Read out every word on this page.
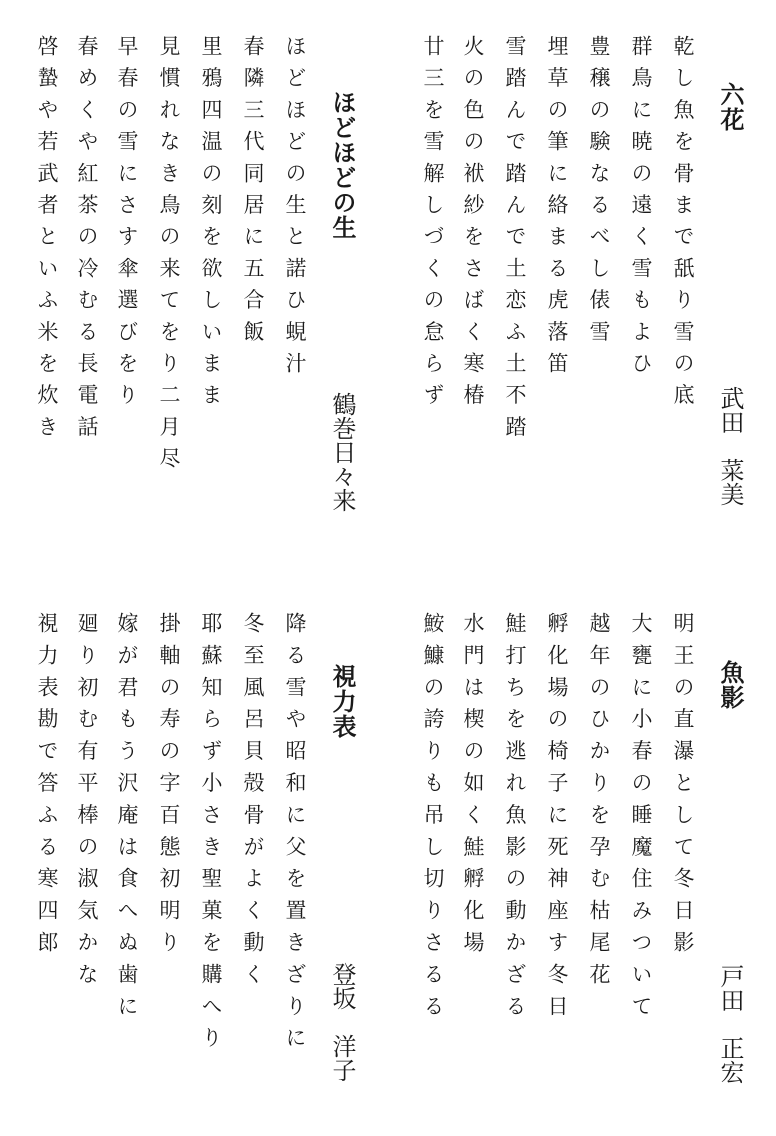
六花
武田　菜美
乾し魚を骨まで舐り雪の底
群鳥に暁の遠く雪もよひ
豊穣の験なるべし俵雪
埋草の筆に絡まる虎落笛
雪踏んで踏んで土恋ふ土不踏
火の色の袱紗をさばく寒椿
廿三を雪解しづくの怠らず
ほどほどの生
鶴巻日々来
ほどほどの生と諾ひ蜆汁
春隣三代同居に五合飯
里鴉四温の刻を欲しいまま
見慣れなき鳥の来てをり二月尽
早春の雪にさす傘選びをり
春めくや紅茶の冷むる長電話
啓蟄や若武者といふ米を炊き
魚影
戸田　正宏
明王の直瀑として冬日影
大甕に小春の睡魔住みついて
越年のひかりを孕む枯尾花
孵化場の椅子に死神座す冬日
鮭打ちを逃れ魚影の動かざる
水門は楔の如く鮭孵化場
鮟鱇の誇りも吊し切りさるる
視力表
登坂　洋子
降る雪や昭和に父を置きざりに
冬至風呂貝殻骨がよく動く
耶蘇知らず小さき聖菓を購へり
掛軸の寿の字百態初明り
嫁が君もう沢庵は食へぬ歯に
廻り初む有平棒の淑気かな
視力表勘で答ふる寒四郎
